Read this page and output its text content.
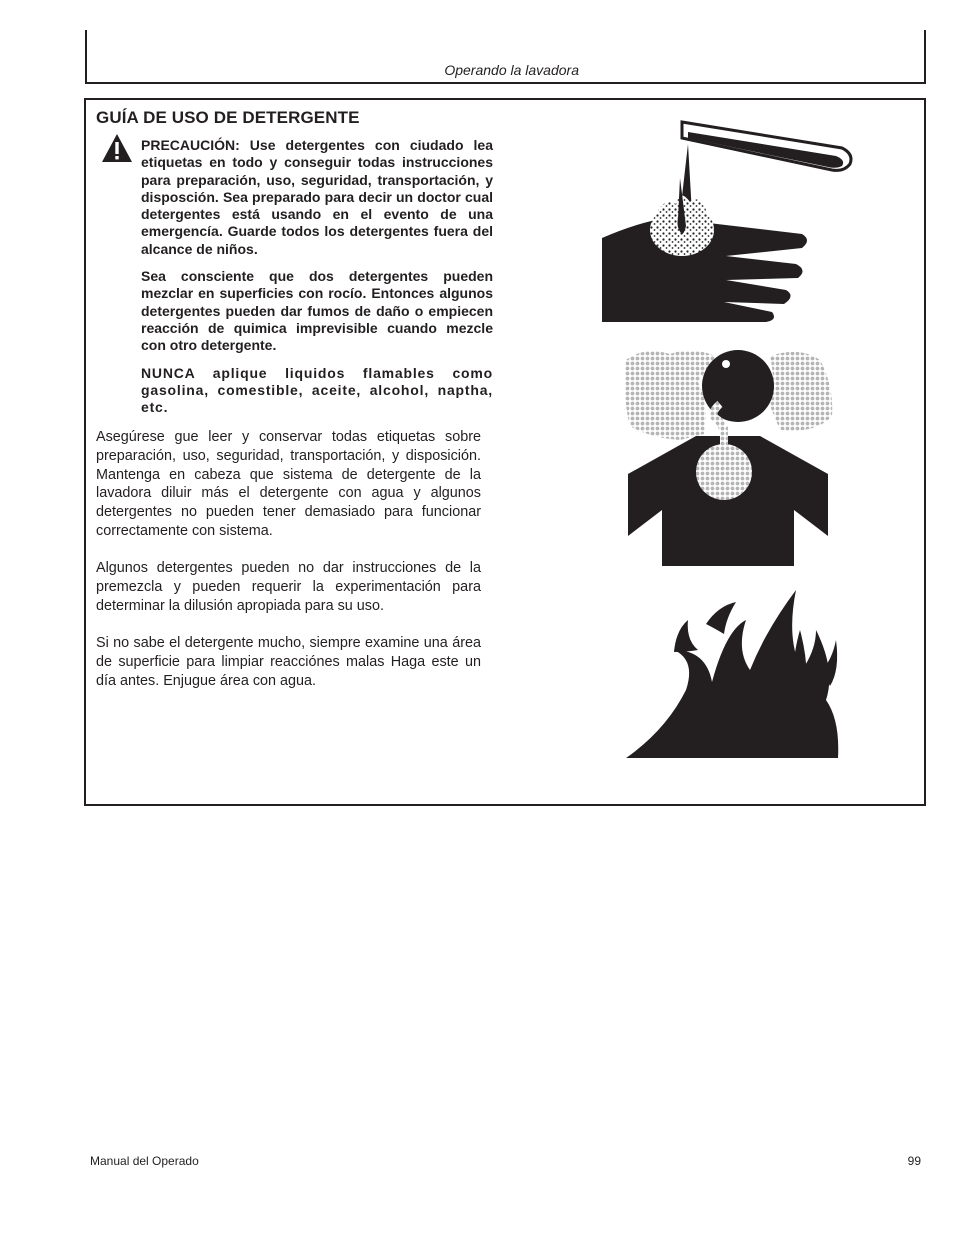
Operando la lavadora
GUÍA DE USO DE DETERGENTE

PRECAUCIÓN: Use detergentes con ciudado lea etiquetas en todo y conseguir todas instrucciones para preparación, uso, seguridad, transportación, y disposción. Sea preparado para decir un doctor cual detergentes está usando en el evento de una emergencía. Guarde todos los detergentes fuera del alcance de niños.

Sea consciente que dos detergentes pueden mezclar en superficies con rocío. Entonces algunos detergentes pueden dar fumos de daño o empiecen reacción de quimica imprevisible cuando mezcle con otro detergente.

NUNCA aplique liquidos flamables como gasolina, comestible, aceite, alcohol, naptha, etc.

Asegúrese gue leer y conservar todas etiquetas sobre preparación, uso, seguridad, transportación, y disposición. Mantenga en cabeza que sistema de detergente de la lavadora diluir más el detergente con agua y algunos detergentes no pueden tener demasiado para funcionar correctamente con sistema.

Algunos detergentes pueden no dar instrucciones de la premezcla y pueden requerir la experimentación para determinar la dilusión apropiada para su uso.

Si no sabe el detergente mucho, siempre examine una área de superficie para limpiar reacciónes malas Haga este un día antes. Enjugue área con agua.

Manual del Operado	99
